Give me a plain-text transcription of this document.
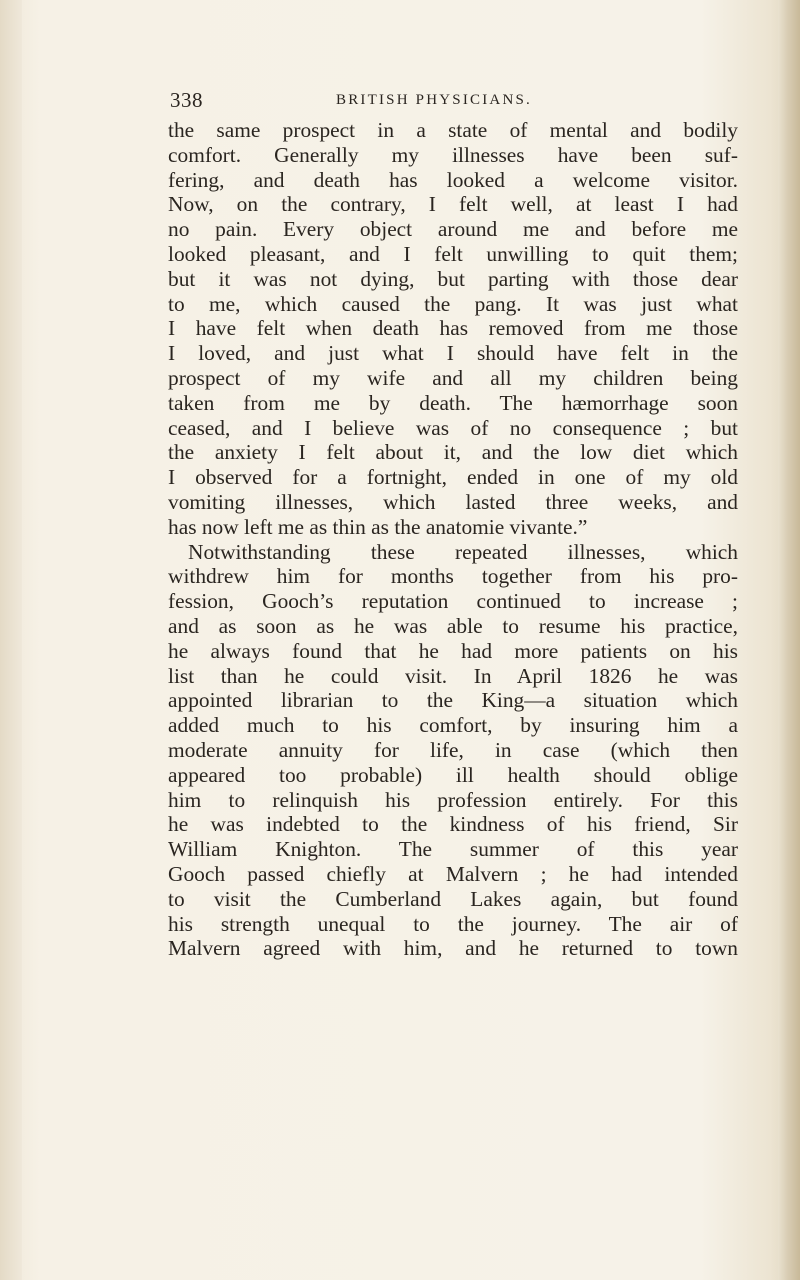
338	BRITISH PHYSICIANS.
the same prospect in a state of mental and bodily
comfort. Generally my illnesses have been suf-
fering, and death has looked a welcome visitor.
Now, on the contrary, I felt well, at least I had
no pain. Every object around me and before me
looked pleasant, and I felt unwilling to quit them;
but it was not dying, but parting with those dear
to me, which caused the pang. It was just what
I have felt when death has removed from me those
I loved, and just what I should have felt in the
prospect of my wife and all my children being
taken from me by death. The hæmorrhage soon
ceased, and I believe was of no consequence ; but
the anxiety I felt about it, and the low diet which
I observed for a fortnight, ended in one of my old
vomiting illnesses, which lasted three weeks, and
has now left me as thin as the anatomie vivante.”
Notwithstanding these repeated illnesses, which
withdrew him for months together from his pro-
fession, Gooch’s reputation continued to increase ;
and as soon as he was able to resume his practice,
he always found that he had more patients on his
list than he could visit. In April 1826 he was
appointed librarian to the King—a situation which
added much to his comfort, by insuring him a
moderate annuity for life, in case (which then
appeared too probable) ill health should oblige
him to relinquish his profession entirely. For this
he was indebted to the kindness of his friend, Sir
William Knighton. The summer of this year
Gooch passed chiefly at Malvern ; he had intended
to visit the Cumberland Lakes again, but found
his strength unequal to the journey. The air of
Malvern agreed with him, and he returned to town
